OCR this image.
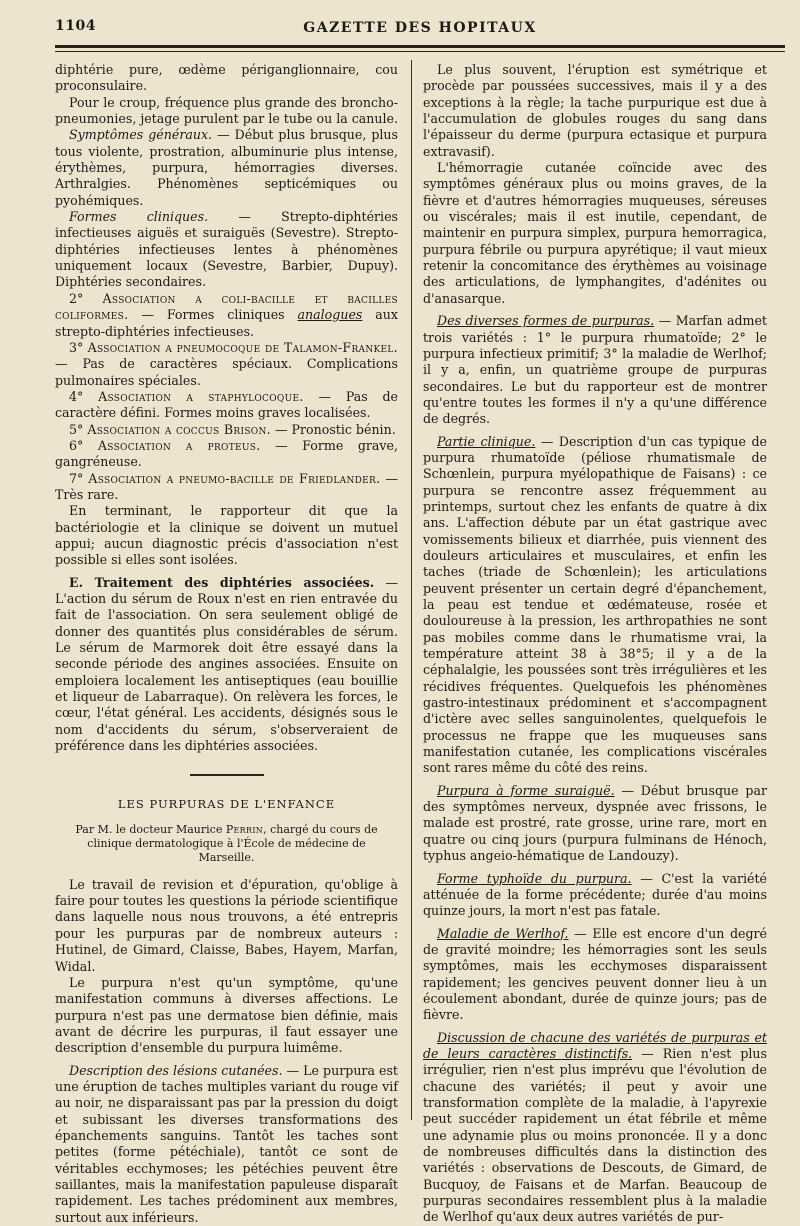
1104	GAZETTE DES HOPITAUX

diphtérie pure, œdème périganglionnaire, cou proconsulaire.

Pour le croup, fréquence plus grande des broncho-pneumonies, jetage purulent par le tube ou la canule.

Symptômes généraux. — Début plus brusque, plus tous violente, prostration, albuminurie plus intense, érythèmes, purpura, hémorragies diverses. Arthralgies. Phénomènes septicémiques ou pyohémiques.

Formes cliniques. — Strepto-diphtéries infectieuses aiguës et suraiguës (Sevestre). Strepto-diphtéries infectieuses lentes à phénomènes uniquement locaux (Sevestre, Barbier, Dupuy). Diphtéries secondaires.

2° Association a coli-bacille et bacilles coliformes. — Formes cliniques analogues aux strepto-diphtéries infectieuses.

3° Association a pneumocoque de Talamon-Frankel. — Pas de caractères spéciaux. Complications pulmonaires spéciales.

4° Association a staphylocoque. — Pas de caractère défini. Formes moins graves localisées.

5° Association a coccus Brison. — Pronostic bénin.

6° Association a proteus. — Forme grave, gangréneuse.

7° Association a pneumo-bacille de Friedlander. — Très rare.

En terminant, le rapporteur dit que la bactériologie et la clinique se doivent un mutuel appui; aucun diagnostic précis d'association n'est possible si elles sont isolées.

E. Traitement des diphtéries associées. — L'action du sérum de Roux n'est en rien entravée du fait de l'association. On sera seulement obligé de donner des quantités plus considérables de sérum. Le sérum de Marmorek doit être essayé dans la seconde période des angines associées. Ensuite on emploiera localement les antiseptiques (eau bouillie et liqueur de Labarraque). On relèvera les forces, le cœur, l'état général. Les accidents, désignés sous le nom d'accidents du sérum, s'observeraient de préférence dans les diphtéries associées.

LES PURPURAS DE L'ENFANCE
Par M. le docteur Maurice Perrin, chargé du cours de clinique dermatologique à l'École de médecine de Marseille.

Le travail de revision et d'épuration, qu'oblige à faire pour toutes les questions la période scientifique dans laquelle nous nous trouvons, a été entrepris pour les purpuras par de nombreux auteurs : Hutinel, de Gimard, Claisse, Babes, Hayem, Marfan, Widal.

Le purpura n'est qu'un symptôme, qu'une manifestation communs à diverses affections. Le purpura n'est pas une dermatose bien définie, mais avant de décrire les purpuras, il faut essayer une description d'ensemble du purpura luimême.

Description des lésions cutanées. — Le purpura est une éruption de taches multiples variant du rouge vif au noir, ne disparaissant pas par la pression du doigt et subissant les diverses transformations des épanchements sanguins. Tantôt les taches sont petites (forme pétéchiale), tantôt ce sont de véritables ecchymoses; les pétéchies peuvent être saillantes, mais la manifestation papuleuse disparaît rapidement. Les taches prédominent aux membres, surtout aux inférieurs.

Le plus souvent, l'éruption est symétrique et procède par poussées successives, mais il y a des exceptions à la règle; la tache purpurique est due à l'accumulation de globules rouges du sang dans l'épaisseur du derme (purpura ectasique et purpura extravasif).

L'hémorragie cutanée coïncide avec des symptômes généraux plus ou moins graves, de la fièvre et d'autres hémorragies muqueuses, séreuses ou viscérales; mais il est inutile, cependant, de maintenir en purpura simplex, purpura hemorragica, purpura fébrile ou purpura apyrétique; il vaut mieux retenir la concomitance des érythèmes au voisinage des articulations, de lymphangites, d'adénites ou d'anasarque.

Des diverses formes de purpuras. — Marfan admet trois variétés : 1° le purpura rhumatoïde; 2° le purpura infectieux primitif; 3° la maladie de Werlhof; il y a, enfin, un quatrième groupe de purpuras secondaires. Le but du rapporteur est de montrer qu'entre toutes les formes il n'y a qu'une différence de degrés.

Partie clinique. — Description d'un cas typique de purpura rhumatoïde (péliose rhumatismale de Schœnlein, purpura myélopathique de Faisans) : ce purpura se rencontre assez fréquemment au printemps, surtout chez les enfants de quatre à dix ans. L'affection débute par un état gastrique avec vomissements bilieux et diarrhée, puis viennent des douleurs articulaires et musculaires, et enfin les taches (triade de Schœnlein); les articulations peuvent présenter un certain degré d'épanchement, la peau est tendue et œdémateuse, rosée et douloureuse à la pression, les arthropathies ne sont pas mobiles comme dans le rhumatisme vrai, la température atteint 38 à 38°5; il y a de la céphalalgie, les poussées sont très irrégulières et les récidives fréquentes. Quelquefois les phénomènes gastro-intestinaux prédominent et s'accompagnent d'ictère avec selles sanguinolentes, quelquefois le processus ne frappe que les muqueuses sans manifestation cutanée, les complications viscérales sont rares même du côté des reins.

Purpura à forme suraiguë. — Début brusque par des symptômes nerveux, dyspnée avec frissons, le malade est prostré, rate grosse, urine rare, mort en quatre ou cinq jours (purpura fulminans de Hénoch, typhus angeio-hématique de Landouzy).

Forme typhoïde du purpura. — C'est la variété atténuée de la forme précédente; durée d'au moins quinze jours, la mort n'est pas fatale.

Maladie de Werlhof. — Elle est encore d'un degré de gravité moindre; les hémorragies sont les seuls symptômes, mais les ecchymoses disparaissent rapidement; les gencives peuvent donner lieu à un écoulement abondant, durée de quinze jours; pas de fièvre.

Discussion de chacune des variétés de purpuras et de leurs caractères distinctifs. — Rien n'est plus irrégulier, rien n'est plus imprévu que l'évolution de chacune des variétés; il peut y avoir une transformation complète de la maladie, à l'apyrexie peut succéder rapidement un état fébrile et même une adynamie plus ou moins prononcée. Il y a donc de nombreuses difficultés dans la distinction des variétés : observations de Descouts, de Gimard, de Bucquoy, de Faisans et de Marfan. Beaucoup de purpuras secondaires ressemblent plus à la maladie de Werlhof qu'aux deux autres variétés de pur-
